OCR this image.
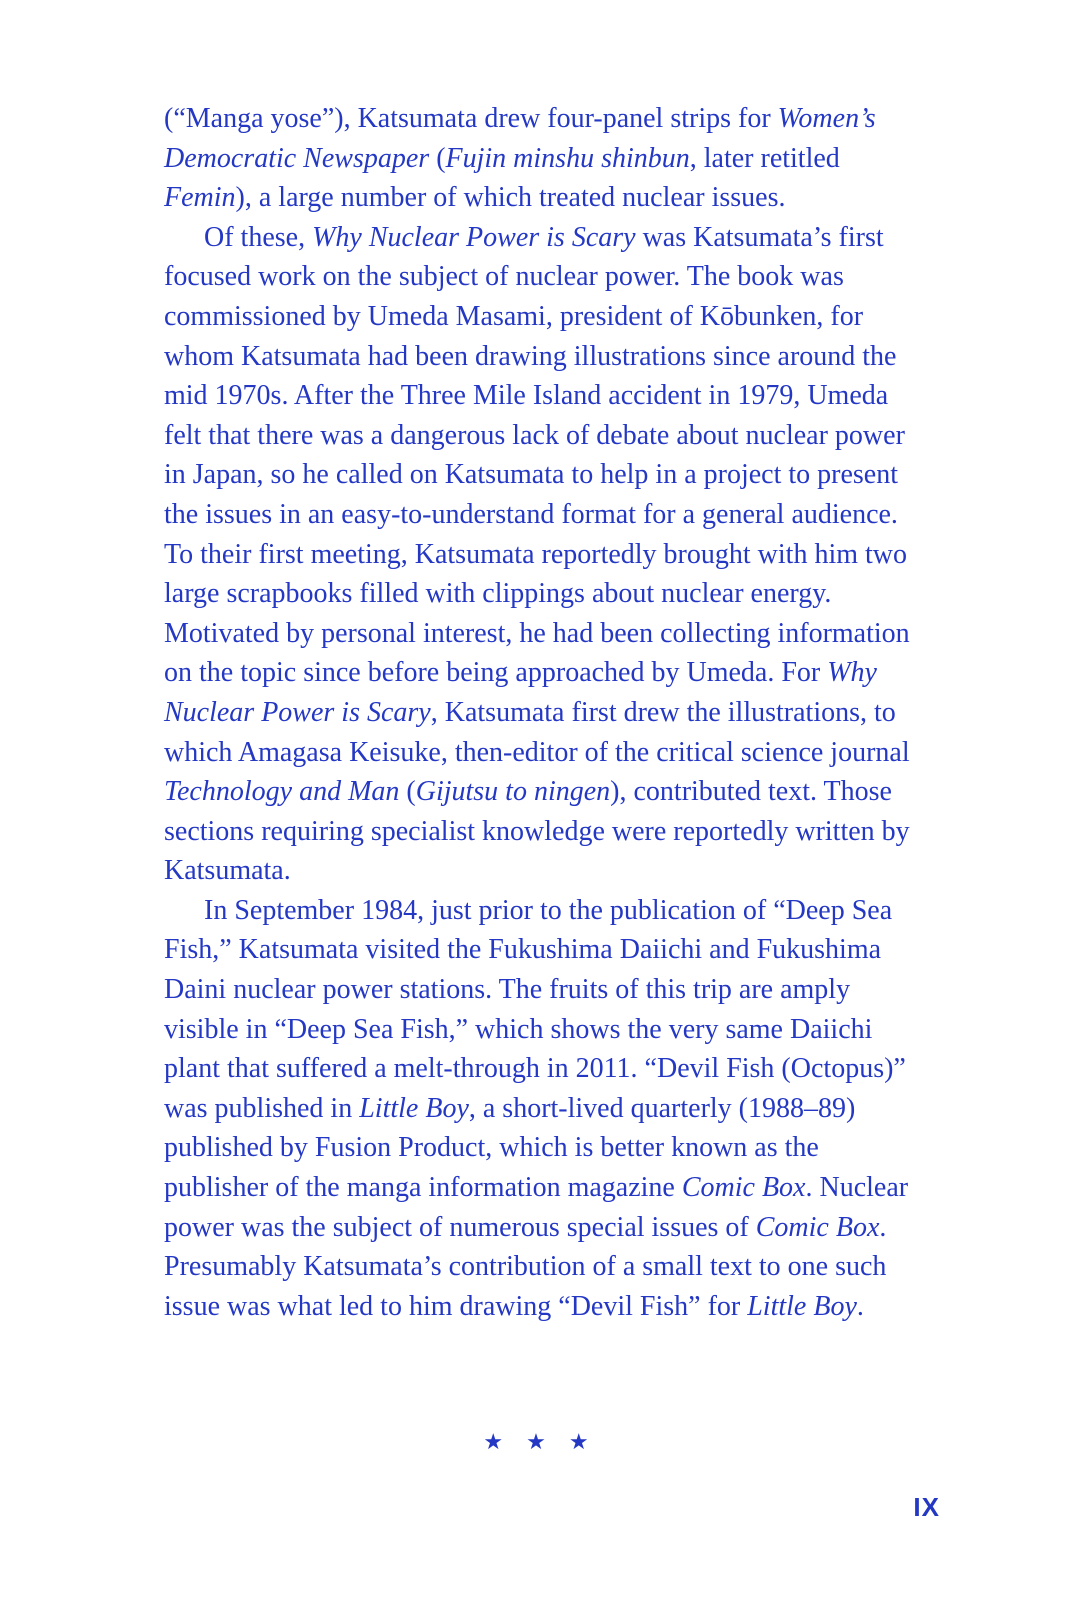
(“Manga yose”), Katsumata drew four-panel strips for Women’s Democratic Newspaper (Fujin minshu shinbun, later retitled Femin), a large number of which treated nuclear issues.

Of these, Why Nuclear Power is Scary was Katsumata’s first focused work on the subject of nuclear power. The book was commissioned by Umeda Masami, president of Kōbunken, for whom Katsumata had been drawing illustrations since around the mid 1970s. After the Three Mile Island accident in 1979, Umeda felt that there was a dangerous lack of debate about nuclear power in Japan, so he called on Katsumata to help in a project to present the issues in an easy-to-understand format for a general audience. To their first meeting, Katsumata reportedly brought with him two large scrapbooks filled with clippings about nuclear energy. Motivated by personal interest, he had been collecting information on the topic since before being approached by Umeda. For Why Nuclear Power is Scary, Katsumata first drew the illustrations, to which Amagasa Keisuke, then-editor of the critical science journal Technology and Man (Gijutsu to ningen), contributed text. Those sections requiring specialist knowledge were reportedly written by Katsumata.

In September 1984, just prior to the publication of “Deep Sea Fish,” Katsumata visited the Fukushima Daiichi and Fukushima Daini nuclear power stations. The fruits of this trip are amply visible in “Deep Sea Fish,” which shows the very same Daiichi plant that suffered a melt-through in 2011. “Devil Fish (Octopus)” was published in Little Boy, a short-lived quarterly (1988–89) published by Fusion Product, which is better known as the publisher of the manga information magazine Comic Box. Nuclear power was the subject of numerous special issues of Comic Box. Presumably Katsumata’s contribution of a small text to one such issue was what led to him drawing “Devil Fish” for Little Boy.

★ ★ ★
IX
